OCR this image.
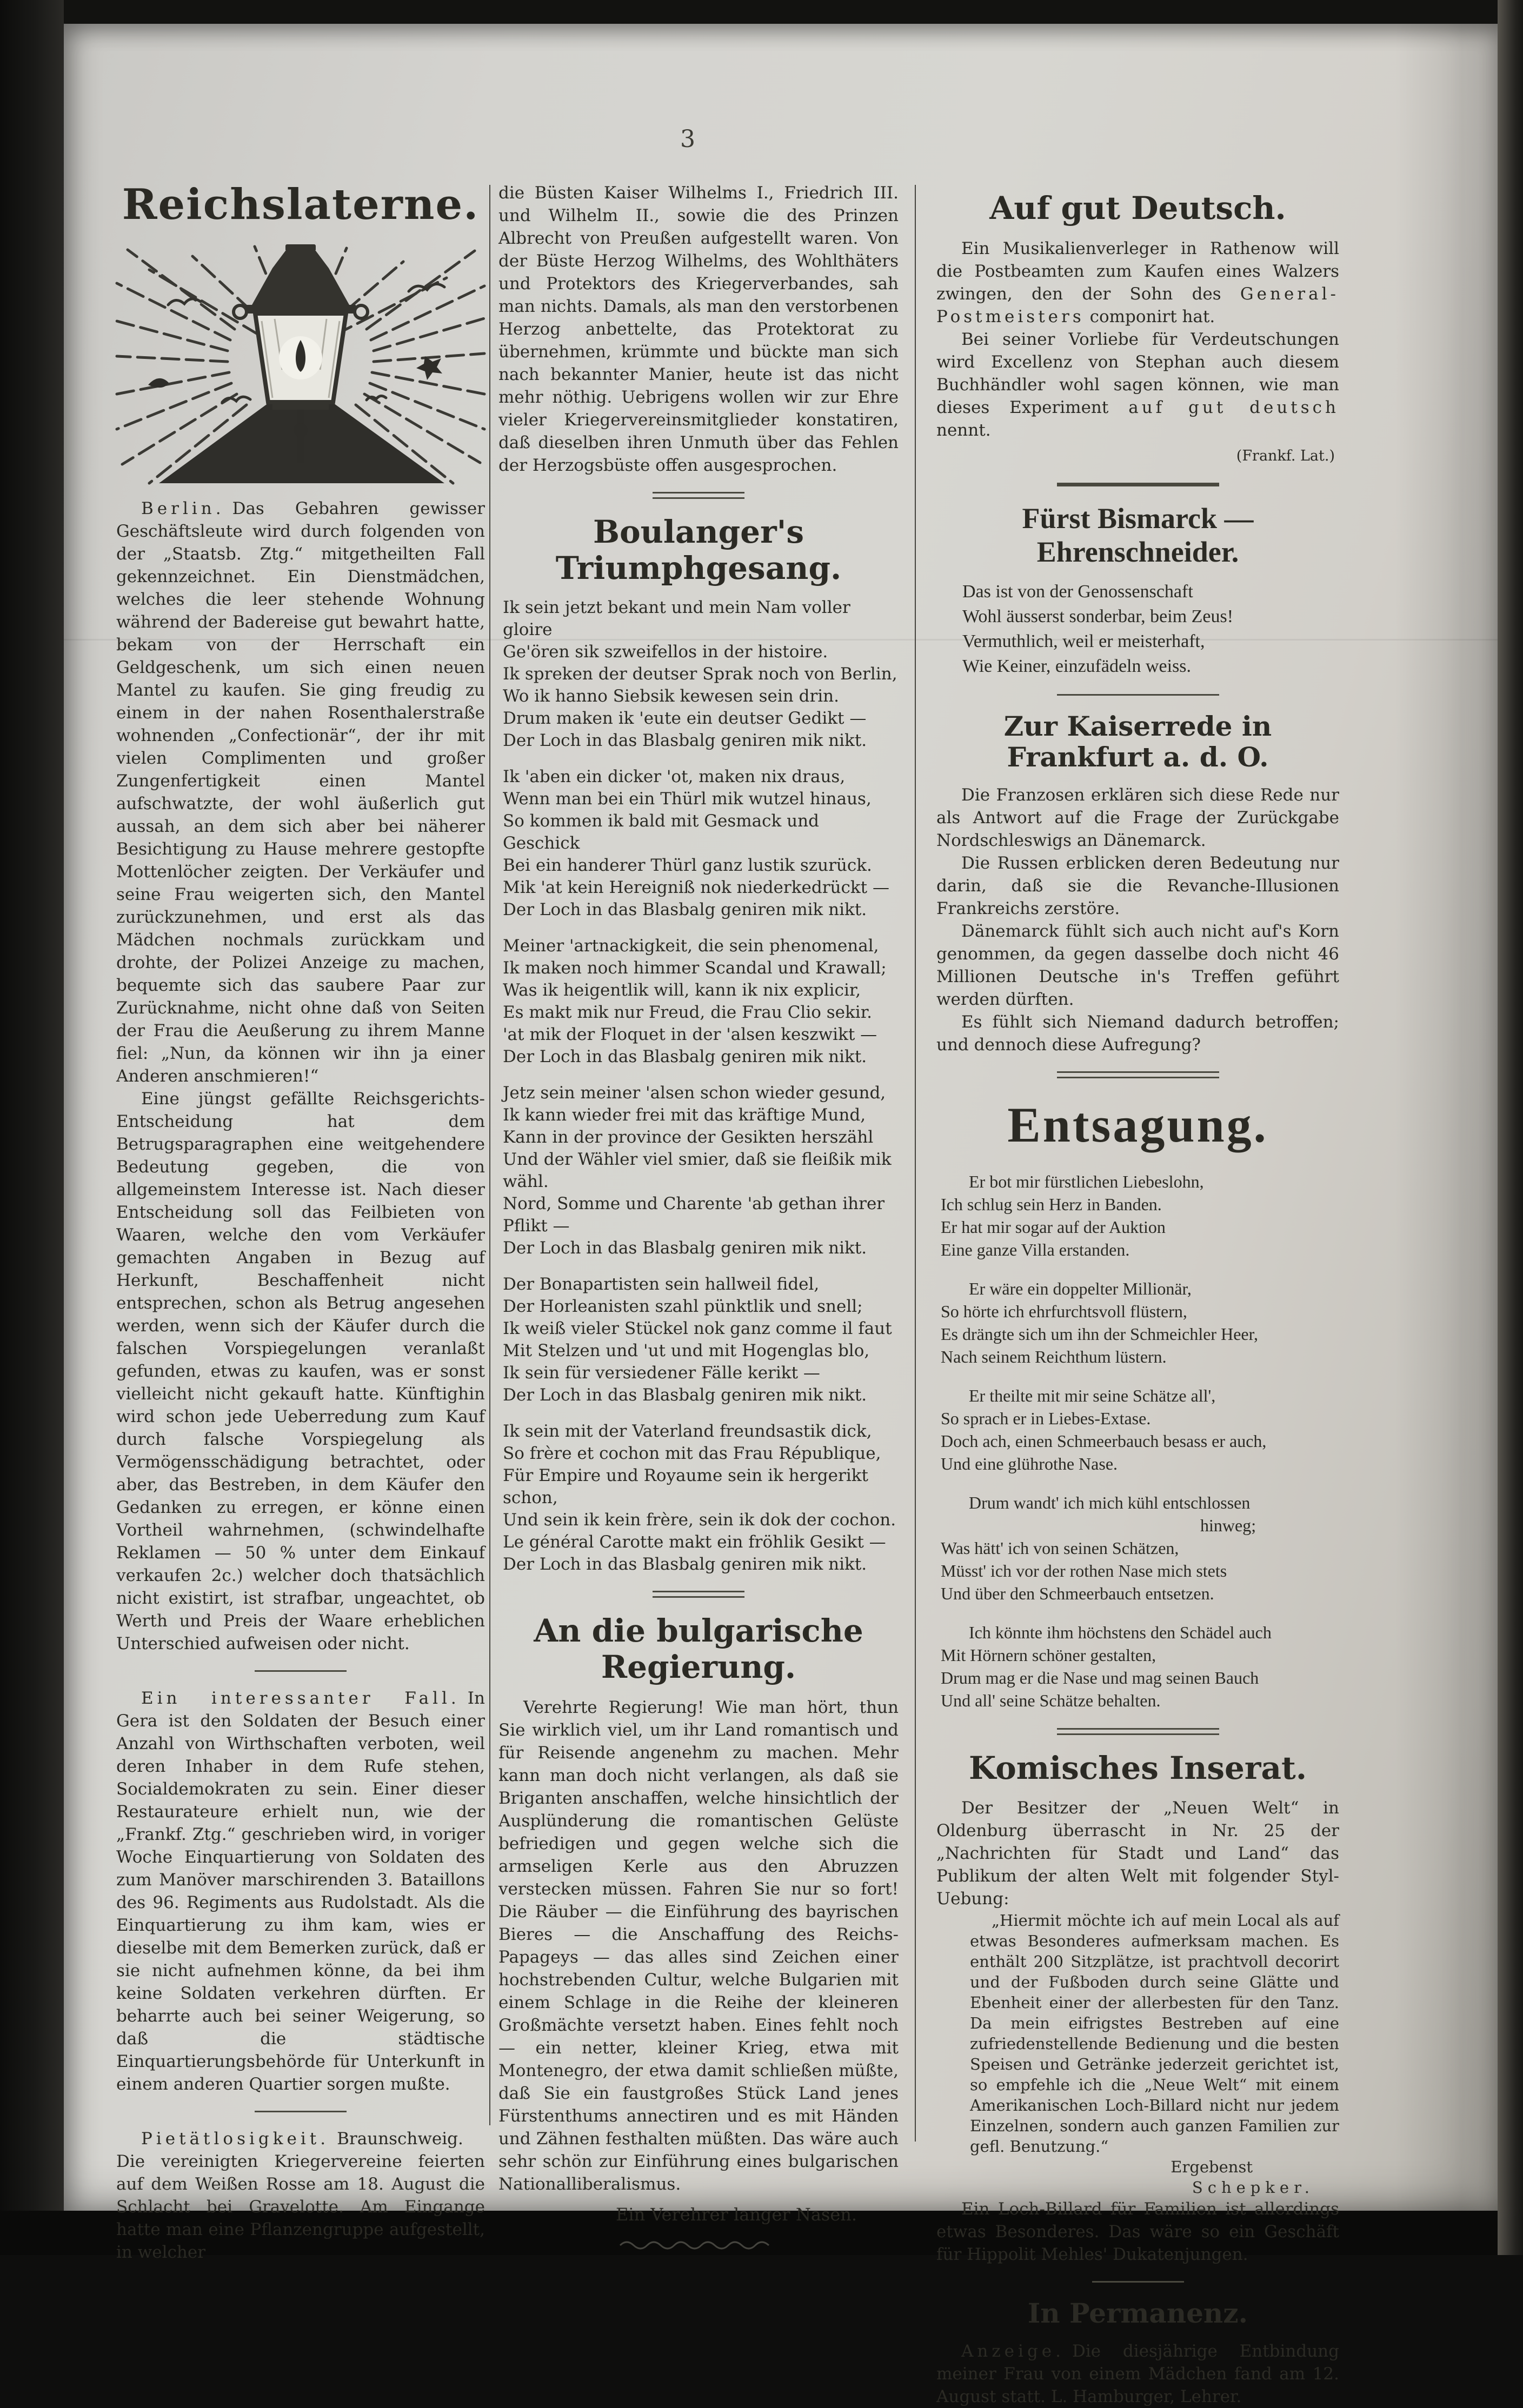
3
Reichslaterne.

Berlin. Das Gebahren gewisser Geschäftsleute wird durch folgenden von der „Staatsb. Ztg.“ mitgetheilten Fall gekennzeichnet. Ein Dienstmädchen, welches die leer stehende Wohnung während der Badereise gut bewahrt hatte, bekam von der Herrschaft ein Geldgeschenk, um sich einen neuen Mantel zu kaufen. Sie ging freudig zu einem in der nahen Rosenthalerstraße wohnenden „Confectionär“, der ihr mit vielen Complimenten und großer Zungenfertigkeit einen Mantel aufschwatzte, der wohl äußerlich gut aussah, an dem sich aber bei näherer Besichtigung zu Hause mehrere gestopfte Mottenlöcher zeigten. Der Verkäufer und seine Frau weigerten sich, den Mantel zurückzunehmen, und erst als das Mädchen nochmals zurückkam und drohte, der Polizei Anzeige zu machen, bequemte sich das saubere Paar zur Zurücknahme, nicht ohne daß von Seiten der Frau die Aeußerung zu ihrem Manne fiel: „Nun, da können wir ihn ja einer Anderen anschmieren!“

Eine jüngst gefällte Reichsgerichts-Entscheidung hat dem Betrugsparagraphen eine weitgehendere Bedeutung gegeben, die von allgemeinstem Interesse ist. Nach dieser Entscheidung soll das Feilbieten von Waaren, welche den vom Verkäufer gemachten Angaben in Bezug auf Herkunft, Beschaffenheit nicht entsprechen, schon als Betrug angesehen werden, wenn sich der Käufer durch die falschen Vorspiegelungen veranlaßt gefunden, etwas zu kaufen, was er sonst vielleicht nicht gekauft hatte. Künftighin wird schon jede Ueberredung zum Kauf durch falsche Vorspiegelung als Vermögensschädigung betrachtet, oder aber, das Bestreben, in dem Käufer den Gedanken zu erregen, er könne einen Vortheil wahrnehmen, (schwindelhafte Reklamen — 50 % unter dem Einkauf verkaufen 2c.) welcher doch thatsächlich nicht existirt, ist strafbar, ungeachtet, ob Werth und Preis der Waare erheblichen Unterschied aufweisen oder nicht.

Ein interessanter Fall. In Gera ist den Soldaten der Besuch einer Anzahl von Wirthschaften verboten, weil deren Inhaber in dem Rufe stehen, Socialdemokraten zu sein. Einer dieser Restaurateure erhielt nun, wie der „Frankf. Ztg.“ geschrieben wird, in voriger Woche Einquartierung von Soldaten des zum Manöver marschirenden 3. Bataillons des 96. Regiments aus Rudolstadt. Als die Einquartierung zu ihm kam, wies er dieselbe mit dem Bemerken zurück, daß er sie nicht aufnehmen könne, da bei ihm keine Soldaten verkehren dürften. Er beharrte auch bei seiner Weigerung, so daß die städtische Einquartierungsbehörde für Unterkunft in einem anderen Quartier sorgen mußte.

Pietätlosigkeit. Braunschweig. Die vereinigten Kriegervereine feierten auf dem Weißen Rosse am 18. August die Schlacht bei Gravelotte. Am Eingange hatte man eine Pflanzengruppe aufgestellt, in welcher

die Büsten Kaiser Wilhelms I., Friedrich III. und Wilhelm II., sowie die des Prinzen Albrecht von Preußen aufgestellt waren. Von der Büste Herzog Wilhelms, des Wohlthäters und Protektors des Kriegerverbandes, sah man nichts. Damals, als man den verstorbenen Herzog anbettelte, das Protektorat zu übernehmen, krümmte und bückte man sich nach bekannter Manier, heute ist das nicht mehr nöthig. Uebrigens wollen wir zur Ehre vieler Kriegervereinsmitglieder konstatiren, daß dieselben ihren Unmuth über das Fehlen der Herzogsbüste offen ausgesprochen.

Boulanger's Triumphgesang.
Ik sein jetzt bekant und mein Nam voller gloire
Ge'ören sik szweifellos in der histoire.
Ik spreken der deutser Sprak noch von Berlin,
Wo ik hanno Siebsik kewesen sein drin.
Drum maken ik 'eute ein deutser Gedikt —
Der Loch in das Blasbalg geniren mik nikt.
Ik 'aben ein dicker 'ot, maken nix draus,
Wenn man bei ein Thürl mik wutzel hinaus,
So kommen ik bald mit Gesmack und Geschick
Bei ein handerer Thürl ganz lustik szurück.
Mik 'at kein Hereigniß nok niederkedrückt —
Der Loch in das Blasbalg geniren mik nikt.
Meiner 'artnackigkeit, die sein phenomenal,
Ik maken noch himmer Scandal und Krawall;
Was ik heigentlik will, kann ik nix explicir,
Es makt mik nur Freud, die Frau Clio sekir.
'at mik der Floquet in der 'alsen keszwikt —
Der Loch in das Blasbalg geniren mik nikt.
Jetz sein meiner 'alsen schon wieder gesund,
Ik kann wieder frei mit das kräftige Mund,
Kann in der province der Gesikten herszähl
Und der Wähler viel smier, daß sie fleißik mik wähl.
Nord, Somme und Charente 'ab gethan ihrer Pflikt —
Der Loch in das Blasbalg geniren mik nikt.
Der Bonapartisten sein hallweil fidel,
Der Horleanisten szahl pünktlik und snell;
Ik weiß vieler Stückel nok ganz comme il faut
Mit Stelzen und 'ut und mit Hogenglas blo,
Ik sein für versiedener Fälle kerikt —
Der Loch in das Blasbalg geniren mik nikt.
Ik sein mit der Vaterland freundsastik dick,
So frère et cochon mit das Frau République,
Für Empire und Royaume sein ik hergerikt schon,
Und sein ik kein frère, sein ik dok der cochon.
Le général Carotte makt ein fröhlik Gesikt —
Der Loch in das Blasbalg geniren mik nikt.
An die bulgarische Regierung.

Verehrte Regierung! Wie man hört, thun Sie wirklich viel, um ihr Land romantisch und für Reisende angenehm zu machen. Mehr kann man doch nicht verlangen, als daß sie Briganten anschaffen, welche hinsichtlich der Ausplünderung die romantischen Gelüste befriedigen und gegen welche sich die armseligen Kerle aus den Abruzzen verstecken müssen. Fahren Sie nur so fort! Die Räuber — die Einführung des bayrischen Bieres — die Anschaffung des Reichs-Papageys — das alles sind Zeichen einer hochstrebenden Cultur, welche Bulgarien mit einem Schlage in die Reihe der kleineren Großmächte versetzt haben. Eines fehlt noch — ein netter, kleiner Krieg, etwa mit Montenegro, der etwa damit schließen müßte, daß Sie ein faustgroßes Stück Land jenes Fürstenthums annectiren und es mit Händen und Zähnen festhalten müßten. Das wäre auch sehr schön zur Einführung eines bulgarischen Nationalliberalismus.

Ein Verehrer langer Nasen.
Auf gut Deutsch.

Ein Musikalienverleger in Rathenow will die Postbeamten zum Kaufen eines Walzers zwingen, den der Sohn des General-Postmeisters componirt hat.

Bei seiner Vorliebe für Verdeutschungen wird Excellenz von Stephan auch diesem Buchhändler wohl sagen können, wie man dieses Experiment auf gut deutsch nennt.

(Frankf. Lat.)
Fürst Bismarck — Ehrenschneider.
Das ist von der Genossenschaft
Wohl äusserst sonderbar, beim Zeus!
Vermuthlich, weil er meisterhaft,
Wie Keiner, einzufädeln weiss.
Zur Kaiserrede in Frankfurt a. d. O.

Die Franzosen erklären sich diese Rede nur als Antwort auf die Frage der Zurückgabe Nordschleswigs an Dänemarck.

Die Russen erblicken deren Bedeutung nur darin, daß sie die Revanche-Illusionen Frankreichs zerstöre.

Dänemarck fühlt sich auch nicht auf's Korn genommen, da gegen dasselbe doch nicht 46 Millionen Deutsche in's Treffen geführt werden dürften.

Es fühlt sich Niemand dadurch betroffen; und dennoch diese Aufregung?

Entsagung.
Er bot mir fürstlichen Liebeslohn,
Ich schlug sein Herz in Banden.
Er hat mir sogar auf der Auktion
Eine ganze Villa erstanden.
Er wäre ein doppelter Millionär,
So hörte ich ehrfurchtsvoll flüstern,
Es drängte sich um ihn der Schmeichler Heer,
Nach seinem Reichthum lüstern.
Er theilte mit mir seine Schätze all',
So sprach er in Liebes-Extase.
Doch ach, einen Schmeerbauch besass er auch,
Und eine glührothe Nase.
Drum wandt' ich mich kühl entschlossen
hinweg;
Was hätt' ich von seinen Schätzen,
Müsst' ich vor der rothen Nase mich stets
Und über den Schmeerbauch entsetzen.
Ich könnte ihm höchstens den Schädel auch
Mit Hörnern schöner gestalten,
Drum mag er die Nase und mag seinen Bauch
Und all' seine Schätze behalten.
Komisches Inserat.

Der Besitzer der „Neuen Welt“ in Oldenburg überrascht in Nr. 25 der „Nachrichten für Stadt und Land“ das Publikum der alten Welt mit folgender Styl-Uebung:

„Hiermit möchte ich auf mein Local als auf etwas Besonderes aufmerksam machen. Es enthält 200 Sitzplätze, ist prachtvoll decorirt und der Fußboden durch seine Glätte und Ebenheit einer der allerbesten für den Tanz. Da mein eifrigstes Bestreben auf eine zufriedenstellende Bedienung und die besten Speisen und Getränke jederzeit gerichtet ist, so empfehle ich die „Neue Welt“ mit einem Amerikanischen Loch-Billard nicht nur jedem Einzelnen, sondern auch ganzen Familien zur gefl. Benutzung.“

Ergebenst
Schepker.

Ein Loch-Billard für Familien ist allerdings etwas Besonderes. Das wäre so ein Geschäft für Hippolit Mehles' Dukatenjungen.

In Permanenz.

Anzeige. Die diesjährige Entbindung meiner Frau von einem Mädchen fand am 12. August statt. L. Hamburger, Lehrer.
